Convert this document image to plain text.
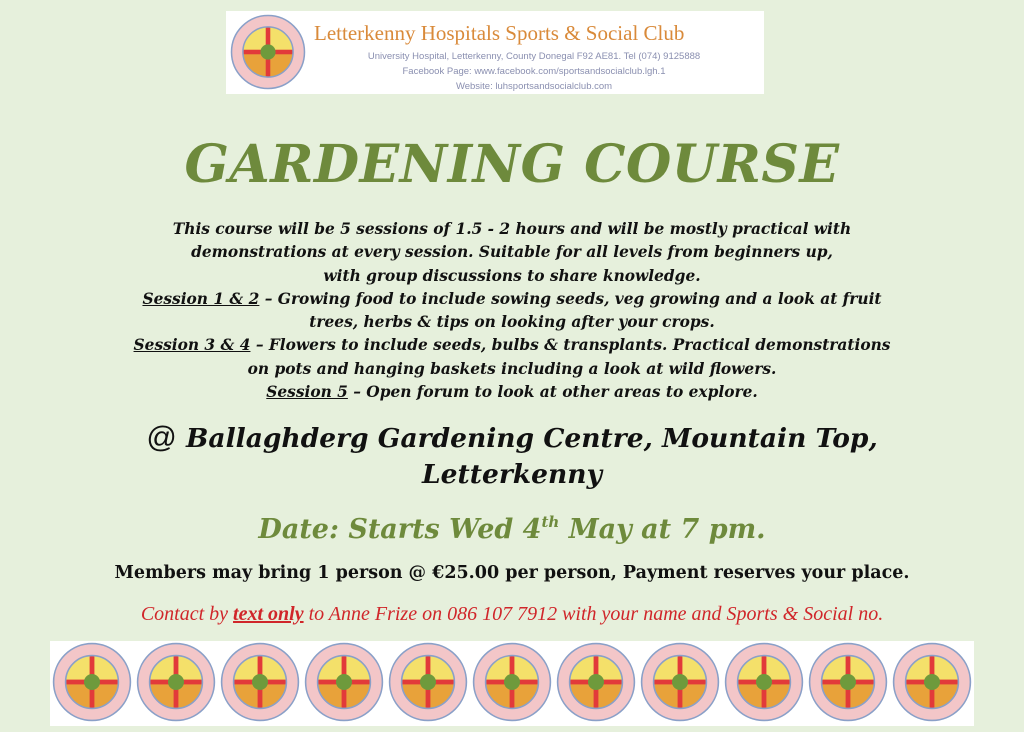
Letterkenny Hospitals Sports & Social Club
University Hospital, Letterkenny, County Donegal F92 AE81. Tel (074) 9125888
Facebook Page: www.facebook.com/sportsandsocialclub.lgh.1
Website: luhsportsandsocialclub.com
GARDENING COURSE
This course will be 5 sessions of 1.5 - 2 hours and will be mostly practical with
demonstrations at every session. Suitable for all levels from beginners up,
with group discussions to share knowledge.
Session 1 & 2 – Growing food to include sowing seeds, veg growing and a look at fruit
trees, herbs & tips on looking after your crops.
Session 3 & 4 – Flowers to include seeds, bulbs & transplants. Practical demonstrations
on pots and hanging baskets including a look at wild flowers.
Session 5 – Open forum to look at other areas to explore.
@ Ballaghderg Gardening Centre, Mountain Top,
Letterkenny
Date: Starts Wed 4th May at 7 pm.
Members may bring 1 person @ €25.00 per person, Payment reserves your place.
Contact by text only to Anne Frize on 086 107 7912 with your name and Sports & Social no.
